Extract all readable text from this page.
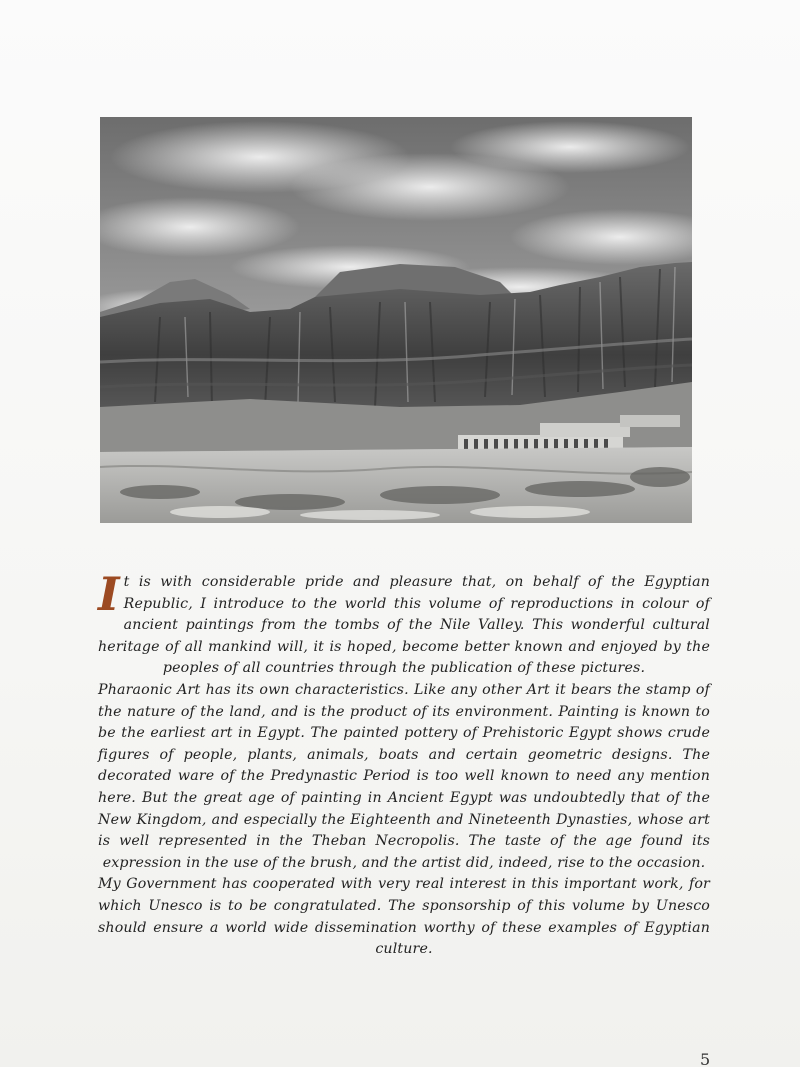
It is with considerable pride and pleasure that, on behalf of the Egyptian Republic, I introduce to the world this volume of reproductions in colour of ancient paintings from the tombs of the Nile Valley. This wonderful cultural heritage of all mankind will, it is hoped, become better known and enjoyed by the peoples of all countries through the publication of these pictures.

Pharaonic Art has its own characteristics. Like any other Art it bears the stamp of the nature of the land, and is the product of its environment. Painting is known to be the earliest art in Egypt. The painted pottery of Prehistoric Egypt shows crude figures of people, plants, animals, boats and certain geometric designs. The decorated ware of the Predynastic Period is too well known to need any mention here. But the great age of painting in Ancient Egypt was undoubtedly that of the New Kingdom, and especially the Eighteenth and Nineteenth Dynasties, whose art is well represented in the Theban Necropolis. The taste of the age found its expression in the use of the brush, and the artist did, indeed, rise to the occasion.

My Government has cooperated with very real interest in this important work, for which Unesco is to be congratulated. The sponsorship of this volume by Unesco should ensure a world wide dissemination worthy of these examples of Egyptian culture.

5
